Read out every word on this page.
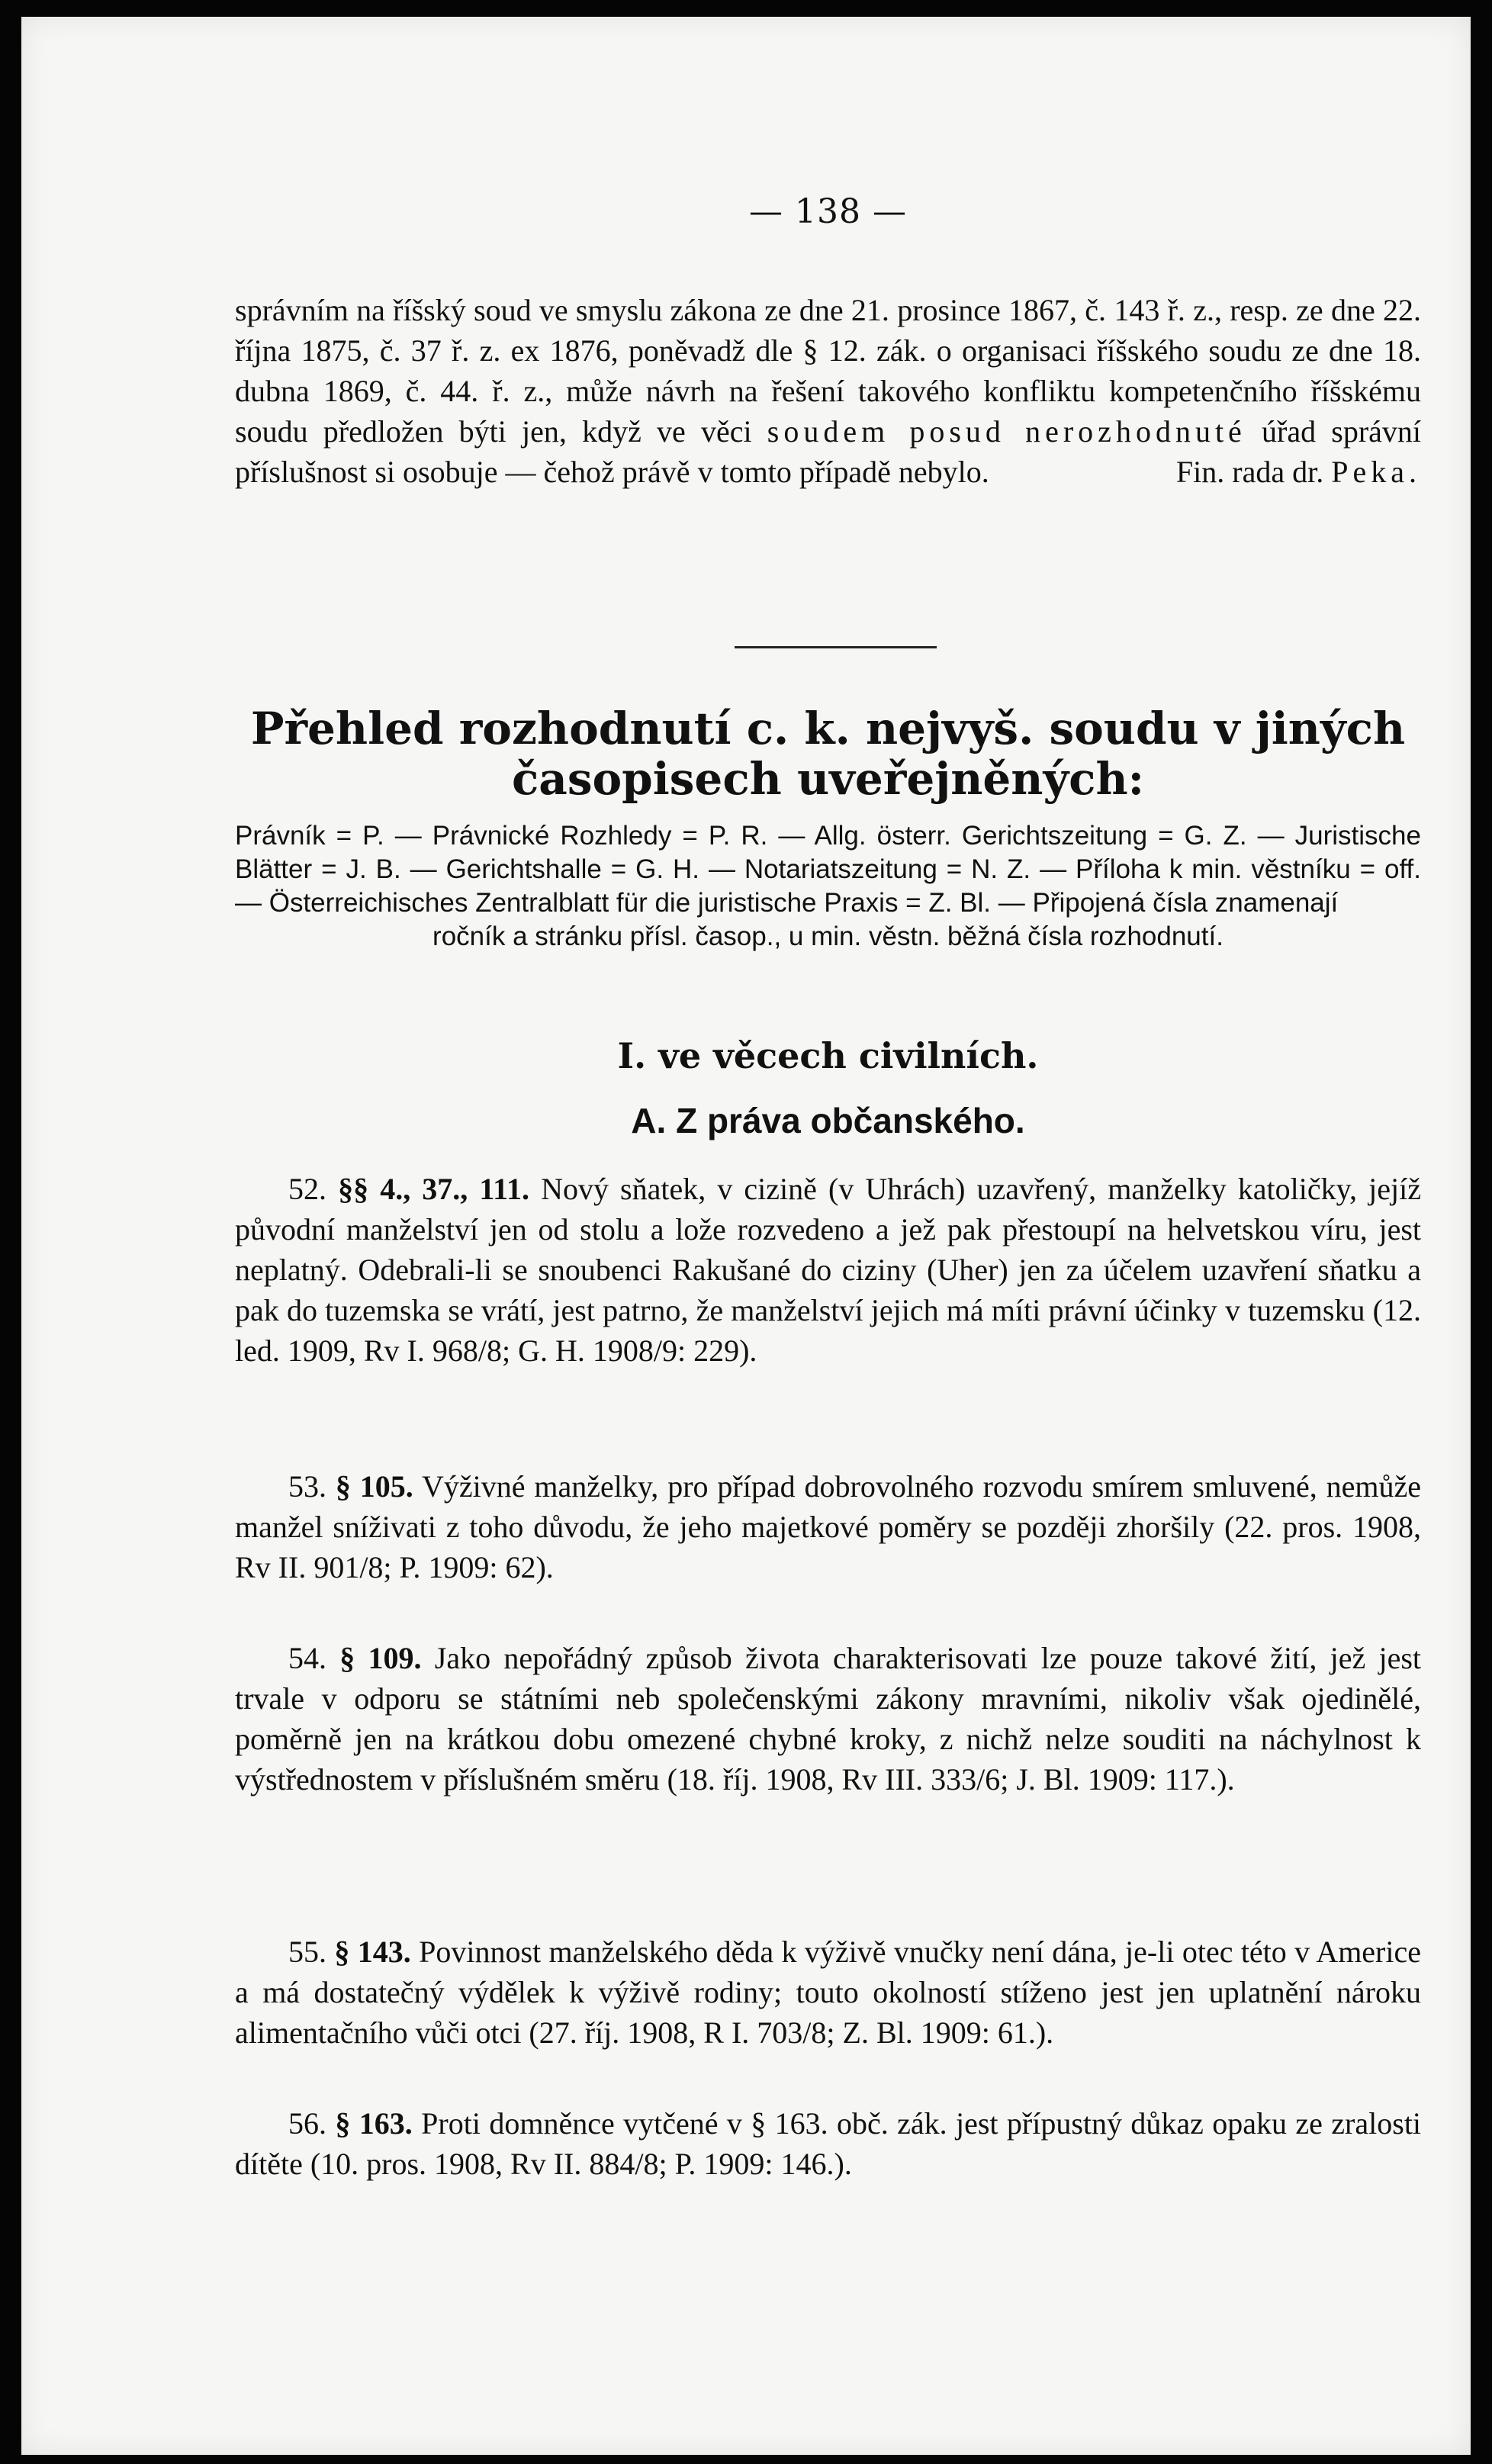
— 138 —

správním na říšský soud ve smyslu zákona ze dne 21. prosince 1867, č. 143 ř. z., resp. ze dne 22. října 1875, č. 37 ř. z. ex 1876, poněvadž dle § 12. zák. o organisaci říšského soudu ze dne 18. dubna 1869, č. 44. ř. z., může návrh na řešení takového konfliktu kompetenčního říšskému soudu předložen býti jen, když ve věci soudem posud nerozhodnuté úřad správní příslušnost si osobuje — čehož právě v tomto případě nebylo.	Fin. rada dr. Peka.

Přehled rozhodnutí c. k. nejvyš. soudu v jiných
časopisech uveřejněných:

Právník = P. — Právnické Rozhledy = P. R. — Allg. österr. Gerichtszeitung = G. Z. — Juristische Blätter = J. B. — Gerichtshalle = G. H. — Notariatszeitung = N. Z. — Příloha k min. věstníku = off. — Österreichisches Zentralblatt für die juristische Praxis = Z. Bl. — Připojená čísla znamenají
ročník a stránku přísl. časop., u min. věstn. běžná čísla rozhodnutí.

I. ve věcech civilních.
A. Z práva občanského.

52. §§ 4., 37., 111. Nový sňatek, v cizině (v Uhrách) uzavřený, manželky katoličky, jejíž původní manželství jen od stolu a lože rozvedeno a jež pak přestoupí na helvetskou víru, jest neplatný. Odebrali-li se snoubenci Rakušané do ciziny (Uher) jen za účelem uzavření sňatku a pak do tuzemska se vrátí, jest patrno, že manželství jejich má míti právní účinky v tuzemsku (12. led. 1909, Rv I. 968/8; G. H. 1908/9: 229).

53. § 105. Výživné manželky, pro případ dobrovolného rozvodu smírem smluvené, nemůže manžel sníživati z toho důvodu, že jeho majetkové poměry se později zhoršily (22. pros. 1908, Rv II. 901/8; P. 1909: 62).

54. § 109. Jako nepořádný způsob života charakterisovati lze pouze takové žití, jež jest trvale v odporu se státními neb společenskými zákony mravními, nikoliv však ojedinělé, poměrně jen na krátkou dobu omezené chybné kroky, z nichž nelze souditi na náchylnost k výstřednostem v příslušném směru (18. říj. 1908, Rv III. 333/6; J. Bl. 1909: 117.).

55. § 143. Povinnost manželského děda k výživě vnučky není dána, je-li otec této v Americe a má dostatečný výdělek k výživě rodiny; touto okolností stíženo jest jen uplatnění nároku alimentačního vůči otci (27. říj. 1908, R I. 703/8; Z. Bl. 1909: 61.).

56. § 163. Proti domněnce vytčené v § 163. obč. zák. jest přípustný důkaz opaku ze zralosti dítěte (10. pros. 1908, Rv II. 884/8; P. 1909: 146.).
